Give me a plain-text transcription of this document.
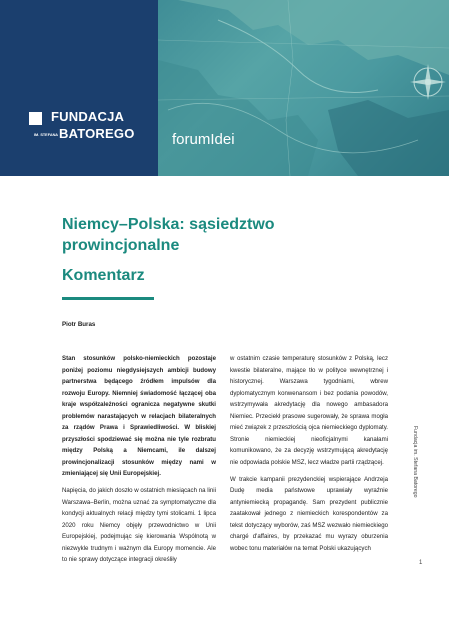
FUNDACJA
IM. STEFANA BATOREGO forumIdei
Niemcy–Polska: sąsiedztwo prowincjonalne
Komentarz
Piotr Buras

Stan stosunków polsko-niemieckich pozostaje poniżej poziomu niegdysiejszych ambicji budowy partnerstwa będącego źródłem impulsów dla rozwoju Europy. Niemniej świadomość łączącej oba kraje współzależności ogranicza negatywne skutki problemów narastających w relacjach bilateralnych za rządów Prawa i Sprawiedliwości. W bliskiej przyszłości spodziewać się można nie tyle rozbratu między Polską a Niemcami, ile dalszej prowincjonalizacji stosunków między nami w zmieniającej się Unii Europejskiej.

Napięcia, do jakich doszło w ostatnich miesiącach na linii Warszawa–Berlin, można uznać za symptomatyczne dla kondycji aktualnych relacji między tymi stolicami. 1 lipca 2020 roku Niemcy objęły przewodnictwo w Unii Europejskiej, podejmując się kierowania Wspólnotą w niezwykle trudnym i ważnym dla Europy momencie. Ale to nie sprawy dotyczące integracji określiły

w ostatnim czasie temperaturę stosunków z Polską, lecz kwestie bilateralne, mające tło w polityce wewnętrznej i historycznej. Warszawa tygodniami, wbrew dyplomatycznym konwenansom i bez podania powodów, wstrzymywała akredytację dla nowego ambasadora Niemiec. Przeciekł prasowe sugerowały, że sprawa mogła mieć związek z przeszłością ojca niemieckiego dyplomaty. Stronie niemieckiej nieoficjalnymi kanałami komunikowano, że za decyzję wstrzymującą akredytację nie odpowiada polskie MSZ, lecz władze partii rządzącej.

W trakcie kampanii prezydenckiej wspierające Andrzeja Dudę media państwowe uprawiały wyraźnie antyniemiecką propagandę. Sam prezydent publicznie zaatakował jednego z niemieckich korespondentów za tekst dotyczący wyborów, zaś MSZ wezwało niemieckiego chargé d'affaires, by przekazać mu wyrazy oburzenia wobec tonu materiałów na temat Polski ukazujących

Fundacja im. Stefana Batorego
1
